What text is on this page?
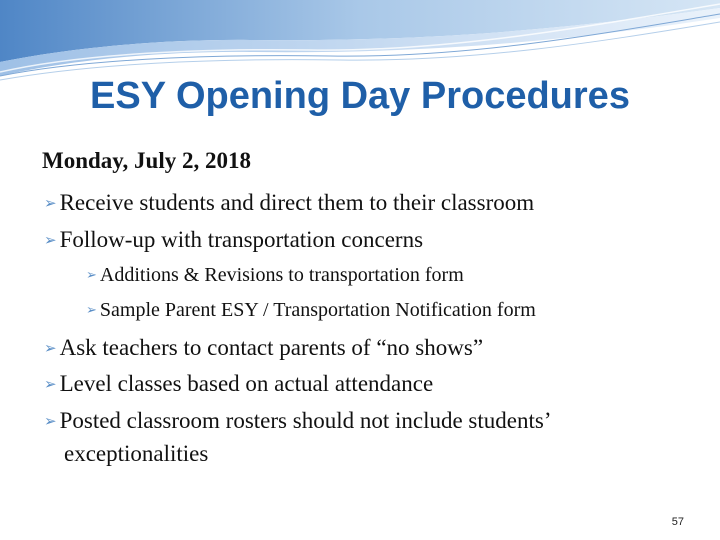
ESY Opening Day Procedures
Monday, July 2, 2018
➢ Receive students and direct them to their classroom
➢ Follow-up with transportation concerns
➢ Additions & Revisions to transportation form
➢ Sample Parent ESY / Transportation Notification form
➢ Ask teachers to contact parents of “no shows”
➢ Level classes based on actual attendance
➢ Posted classroom rosters should not include students’
exceptionalities
57
